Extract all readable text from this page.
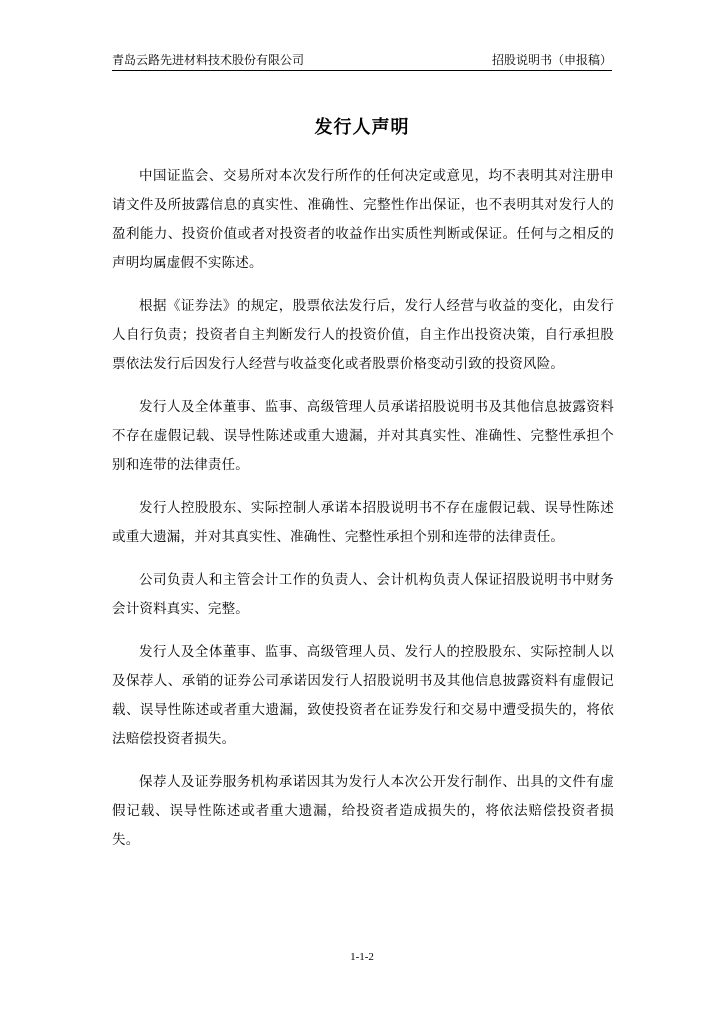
青岛云路先进材料技术股份有限公司	招股说明书（申报稿）
发行人声明

中国证监会、交易所对本次发行所作的任何决定或意见，均不表明其对注册申请文件及所披露信息的真实性、准确性、完整性作出保证，也不表明其对发行人的盈利能力、投资价值或者对投资者的收益作出实质性判断或保证。任何与之相反的声明均属虚假不实陈述。

根据《证券法》的规定，股票依法发行后，发行人经营与收益的变化，由发行人自行负责；投资者自主判断发行人的投资价值，自主作出投资决策，自行承担股票依法发行后因发行人经营与收益变化或者股票价格变动引致的投资风险。

发行人及全体董事、监事、高级管理人员承诺招股说明书及其他信息披露资料不存在虚假记载、误导性陈述或重大遗漏，并对其真实性、准确性、完整性承担个别和连带的法律责任。

发行人控股股东、实际控制人承诺本招股说明书不存在虚假记载、误导性陈述或重大遗漏，并对其真实性、准确性、完整性承担个别和连带的法律责任。

公司负责人和主管会计工作的负责人、会计机构负责人保证招股说明书中财务会计资料真实、完整。

发行人及全体董事、监事、高级管理人员、发行人的控股股东、实际控制人以及保荐人、承销的证券公司承诺因发行人招股说明书及其他信息披露资料有虚假记载、误导性陈述或者重大遗漏，致使投资者在证券发行和交易中遭受损失的，将依法赔偿投资者损失。

保荐人及证券服务机构承诺因其为发行人本次公开发行制作、出具的文件有虚假记载、误导性陈述或者重大遗漏，给投资者造成损失的，将依法赔偿投资者损失。

1-1-2
